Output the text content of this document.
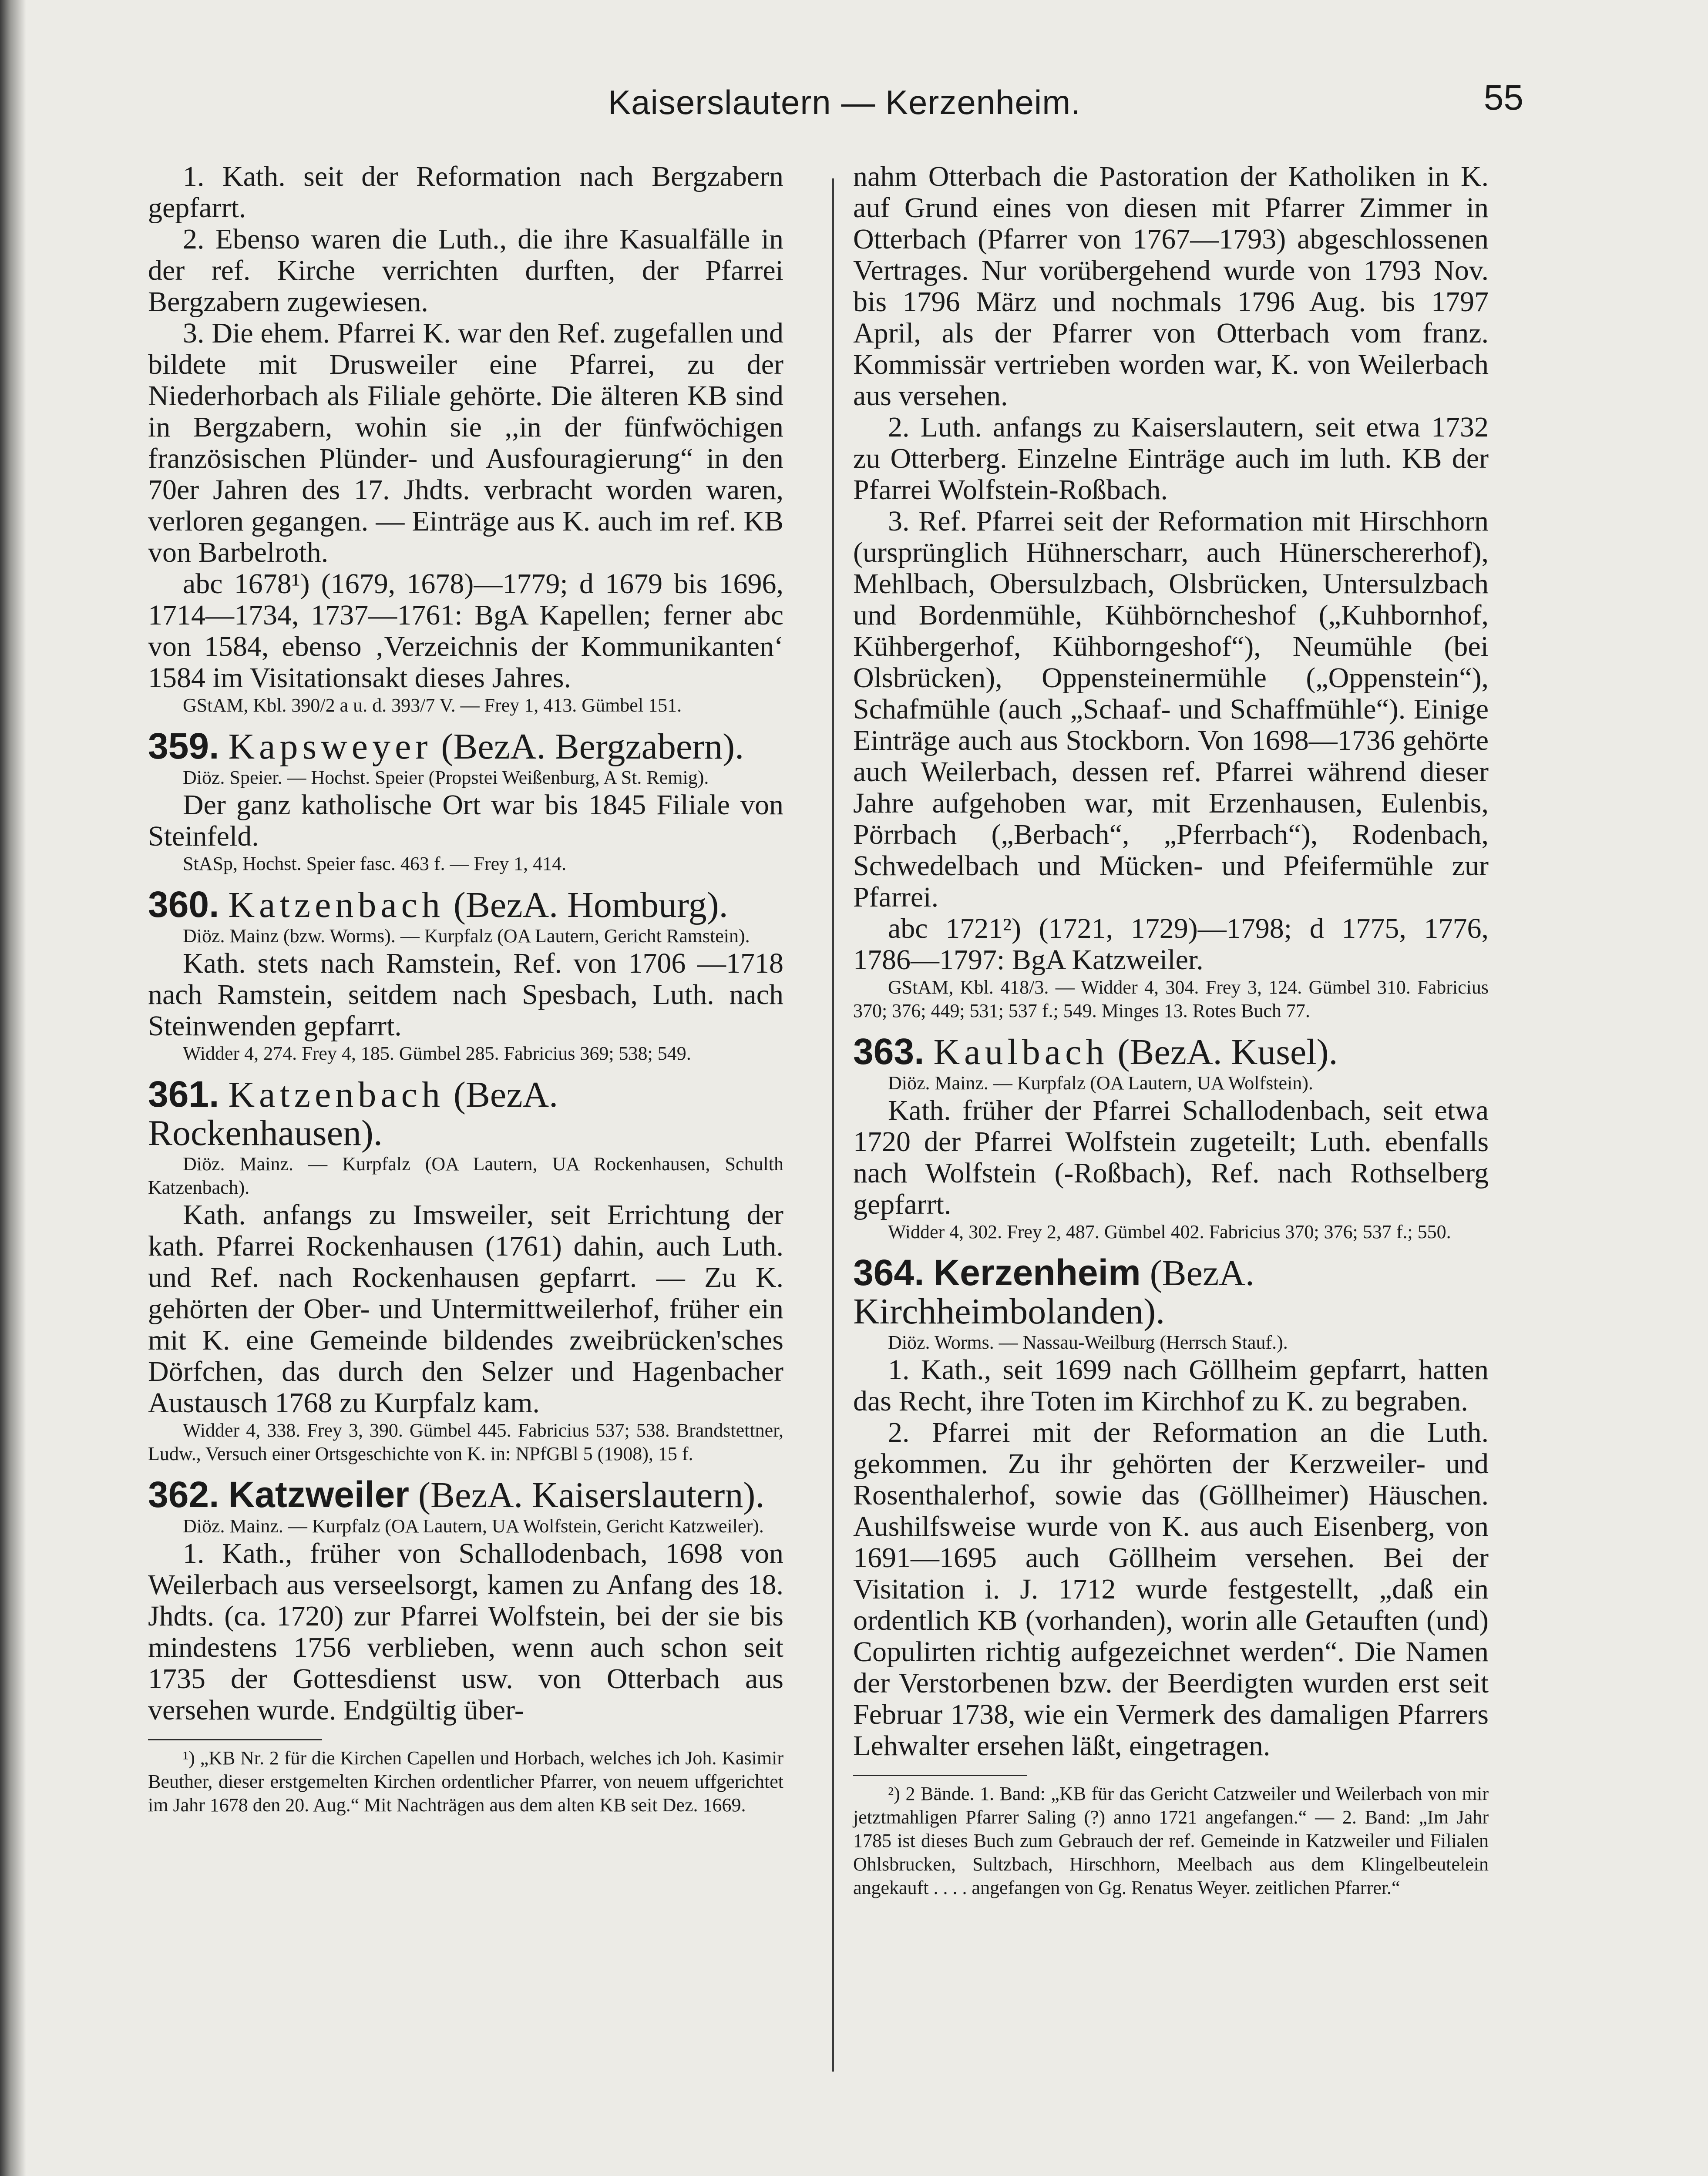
Kaiserslautern — Kerzenheim.	55

1. Kath. seit der Reformation nach Bergzabern gepfarrt.

2. Ebenso waren die Luth., die ihre Kasualfälle in der ref. Kirche verrichten durften, der Pfarrei Bergzabern zugewiesen.

3. Die ehem. Pfarrei K. war den Ref. zugefallen und bildete mit Drusweiler eine Pfarrei, zu der Niederhorbach als Filiale gehörte. Die älteren KB sind in Bergzabern, wohin sie ,,in der fünfwöchigen französischen Plünder- und Ausfouragierung“ in den 70er Jahren des 17. Jhdts. verbracht worden waren, verloren gegangen. — Einträge aus K. auch im ref. KB von Barbelroth.

abc 1678¹) (1679, 1678)—1779; d 1679 bis 1696, 1714—1734, 1737—1761: BgA Kapellen; ferner abc von 1584, ebenso ‚Verzeichnis der Kommunikanten‘ 1584 im Visitationsakt dieses Jahres.

GStAM, Kbl. 390/2 a u. d. 393/7 V. — Frey 1, 413. Gümbel 151.

359. Kapsweyer (BezA. Bergzabern).

Diöz. Speier. — Hochst. Speier (Propstei Weißenburg, A St. Remig).

Der ganz katholische Ort war bis 1845 Filiale von Steinfeld.

StASp, Hochst. Speier fasc. 463 f. — Frey 1, 414.

360. Katzenbach (BezA. Homburg).

Diöz. Mainz (bzw. Worms). — Kurpfalz (OA Lautern, Gericht Ramstein).

Kath. stets nach Ramstein, Ref. von 1706 —1718 nach Ramstein, seitdem nach Spesbach, Luth. nach Steinwenden gepfarrt.

Widder 4, 274. Frey 4, 185. Gümbel 285. Fabricius 369; 538; 549.

361. Katzenbach (BezA. Rockenhausen).

Diöz. Mainz. — Kurpfalz (OA Lautern, UA Rockenhausen, Schulth Katzenbach).

Kath. anfangs zu Imsweiler, seit Errichtung der kath. Pfarrei Rockenhausen (1761) dahin, auch Luth. und Ref. nach Rockenhausen gepfarrt. — Zu K. gehörten der Ober- und Untermittweilerhof, früher ein mit K. eine Gemeinde bildendes zweibrücken'sches Dörfchen, das durch den Selzer und Hagenbacher Austausch 1768 zu Kurpfalz kam.

Widder 4, 338. Frey 3, 390. Gümbel 445. Fabricius 537; 538. Brandstettner, Ludw., Versuch einer Ortsgeschichte von K. in: NPfGBl 5 (1908), 15 f.

362. Katzweiler (BezA. Kaiserslautern).

Diöz. Mainz. — Kurpfalz (OA Lautern, UA Wolfstein, Gericht Katzweiler).

1. Kath., früher von Schallodenbach, 1698 von Weilerbach aus verseelsorgt, kamen zu Anfang des 18. Jhdts. (ca. 1720) zur Pfarrei Wolfstein, bei der sie bis mindestens 1756 verblieben, wenn auch schon seit 1735 der Gottesdienst usw. von Otterbach aus versehen wurde. Endgültig über-

¹) „KB Nr. 2 für die Kirchen Capellen und Horbach, welches ich Joh. Kasimir Beuther, dieser erstgemelten Kirchen ordentlicher Pfarrer, von neuem uffgerichtet im Jahr 1678 den 20. Aug.“ Mit Nachträgen aus dem alten KB seit Dez. 1669.

nahm Otterbach die Pastoration der Katholiken in K. auf Grund eines von diesen mit Pfarrer Zimmer in Otterbach (Pfarrer von 1767—1793) abgeschlossenen Vertrages. Nur vorübergehend wurde von 1793 Nov. bis 1796 März und nochmals 1796 Aug. bis 1797 April, als der Pfarrer von Otterbach vom franz. Kommissär vertrieben worden war, K. von Weilerbach aus versehen.

2. Luth. anfangs zu Kaiserslautern, seit etwa 1732 zu Otterberg. Einzelne Einträge auch im luth. KB der Pfarrei Wolfstein-Roßbach.

3. Ref. Pfarrei seit der Reformation mit Hirschhorn (ursprünglich Hühnerscharr, auch Hünerschererhof), Mehlbach, Obersulzbach, Olsbrücken, Untersulzbach und Bordenmühle, Kühbörncheshof („Kuhbornhof, Kühbergerhof, Kühborngeshof“), Neumühle (bei Olsbrücken), Oppensteinermühle („Oppenstein“), Schafmühle (auch „Schaaf- und Schaffmühle“). Einige Einträge auch aus Stockborn. Von 1698—1736 gehörte auch Weilerbach, dessen ref. Pfarrei während dieser Jahre aufgehoben war, mit Erzenhausen, Eulenbis, Pörrbach („Berbach“, „Pferrbach“), Rodenbach, Schwedelbach und Mücken- und Pfeifermühle zur Pfarrei.

abc 1721²) (1721, 1729)—1798; d 1775, 1776, 1786—1797: BgA Katzweiler.

GStAM, Kbl. 418/3. — Widder 4, 304. Frey 3, 124. Gümbel 310. Fabricius 370; 376; 449; 531; 537 f.; 549. Minges 13. Rotes Buch 77.

363. Kaulbach (BezA. Kusel).

Diöz. Mainz. — Kurpfalz (OA Lautern, UA Wolfstein).

Kath. früher der Pfarrei Schallodenbach, seit etwa 1720 der Pfarrei Wolfstein zugeteilt; Luth. ebenfalls nach Wolfstein (-Roßbach), Ref. nach Rothselberg gepfarrt.

Widder 4, 302. Frey 2, 487. Gümbel 402. Fabricius 370; 376; 537 f.; 550.

364. Kerzenheim (BezA. Kirchheimbolanden).

Diöz. Worms. — Nassau-Weilburg (Herrsch Stauf.).

1. Kath., seit 1699 nach Göllheim gepfarrt, hatten das Recht, ihre Toten im Kirchhof zu K. zu begraben.

2. Pfarrei mit der Reformation an die Luth. gekommen. Zu ihr gehörten der Kerzweiler- und Rosenthalerhof, sowie das (Göllheimer) Häuschen. Aushilfsweise wurde von K. aus auch Eisenberg, von 1691—1695 auch Göllheim versehen. Bei der Visitation i. J. 1712 wurde festgestellt, „daß ein ordentlich KB (vorhanden), worin alle Getauften (und) Copulirten richtig aufgezeichnet werden“. Die Namen der Verstorbenen bzw. der Beerdigten wurden erst seit Februar 1738, wie ein Vermerk des damaligen Pfarrers Lehwalter ersehen läßt, eingetragen.

²) 2 Bände. 1. Band: „KB für das Gericht Catzweiler und Weilerbach von mir jetztmahligen Pfarrer Saling (?) anno 1721 angefangen.“ — 2. Band: „Im Jahr 1785 ist dieses Buch zum Gebrauch der ref. Gemeinde in Katzweiler und Filialen Ohlsbrucken, Sultzbach, Hirschhorn, Meelbach aus dem Klingelbeutelein angekauft . . . . angefangen von Gg. Renatus Weyer. zeitlichen Pfarrer.“
